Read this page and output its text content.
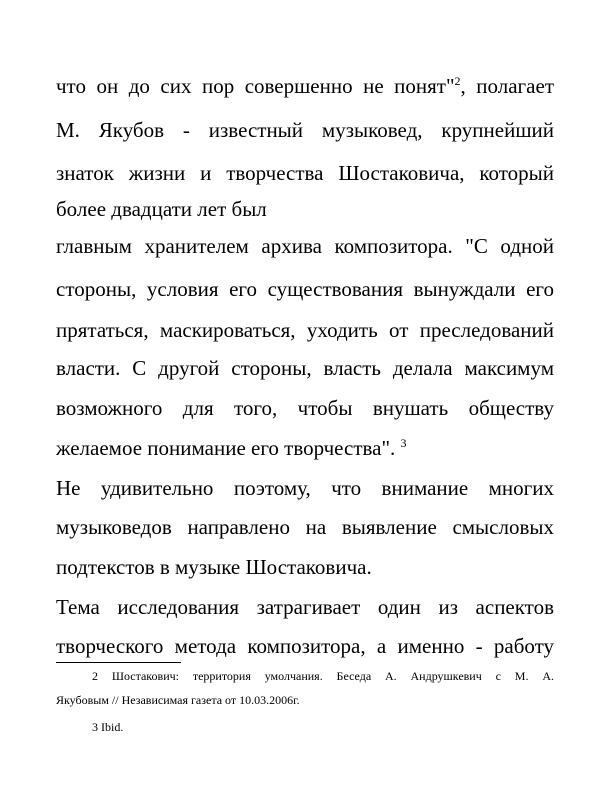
что он до сих пор совершенно не понят"$^2$, полагает
М. Якубов - известный музыковед, крупнейший
знаток жизни и творчества Шостаковича, который
более двадцати лет был
главным хранителем архива композитора. "С одной
стороны, условия его существования вынуждали его
прятаться, маскироваться, уходить от преследований
власти. С другой стороны, власть делала максимум
возможного для того, чтобы внушать обществу
желаемое понимание его творчества". $^3$
Не удивительно поэтому, что внимание многих
музыковедов направлено на выявление смысловых
подтекстов в музыке Шостаковича.
Тема исследования затрагивает один из аспектов
творческого метода композитора, а именно - работу
2 Шостакович: территория умолчания. Беседа А. Андрушкевич с М. А.
Якубовым // Независимая газета от 10.03.2006г.
3 Ibid.
